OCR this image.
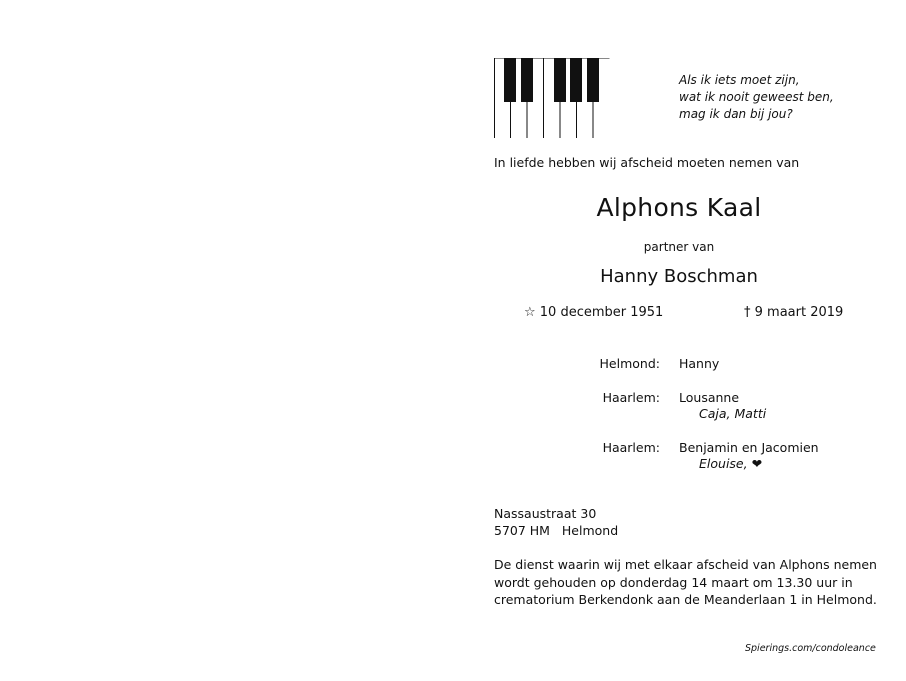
Als ik iets moet zijn,
wat ik nooit geweest ben,
mag ik dan bij jou?
In liefde hebben wij afscheid moeten nemen van
Alphons Kaal
partner van
Hanny Boschman
☆ 10 december 1951	† 9 maart 2019
Helmond: Hanny
Haarlem: Lousanne
Caja, Matti
Haarlem: Benjamin en Jacomien
Elouise, ❤
Nassaustraat 30
5707 HM   Helmond
De dienst waarin wij met elkaar afscheid van Alphons nemen
wordt gehouden op donderdag 14 maart om 13.30 uur in
crematorium Berkendonk aan de Meanderlaan 1 in Helmond.
Spierings.com/condoleance
